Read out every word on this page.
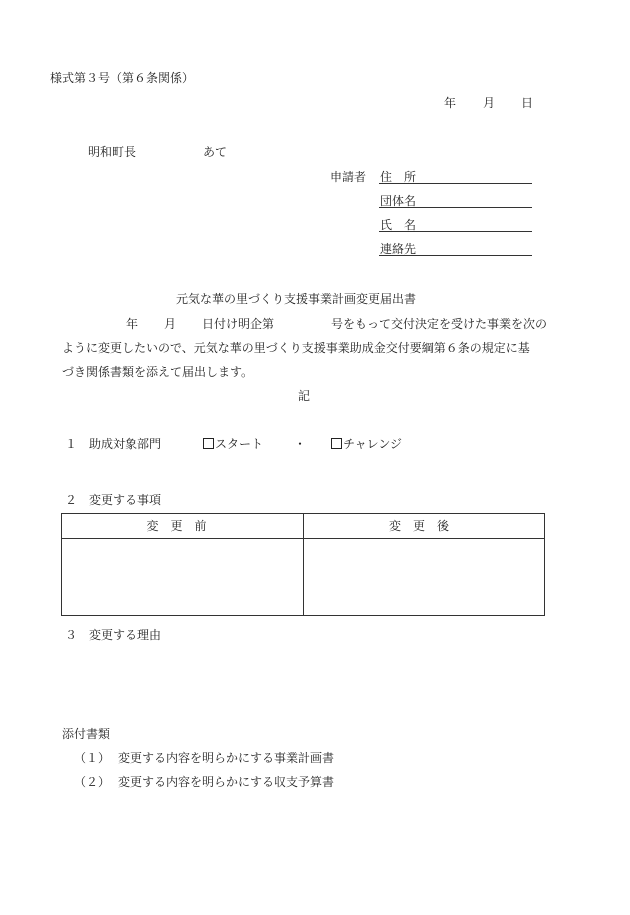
様式第３号（第６条関係）
年 月 日
明和町長	あて
申請者 住　所
団体名
氏　名
連絡先
元気な華の里づくり支援事業計画変更届出書
年 月 日付け明企第	号をもって交付決定を受けた事業を次の
ように変更したいので、元気な華の里づくり支援事業助成金交付要綱第６条の規定に基
づき関係書類を添えて届出します。
記
１　助成対象部門	スタート	・	チャレンジ
２　変更する事項
変更前	変更後
３　変更する理由
添付書類
（１） 変更する内容を明らかにする事業計画書
（２） 変更する内容を明らかにする収支予算書
